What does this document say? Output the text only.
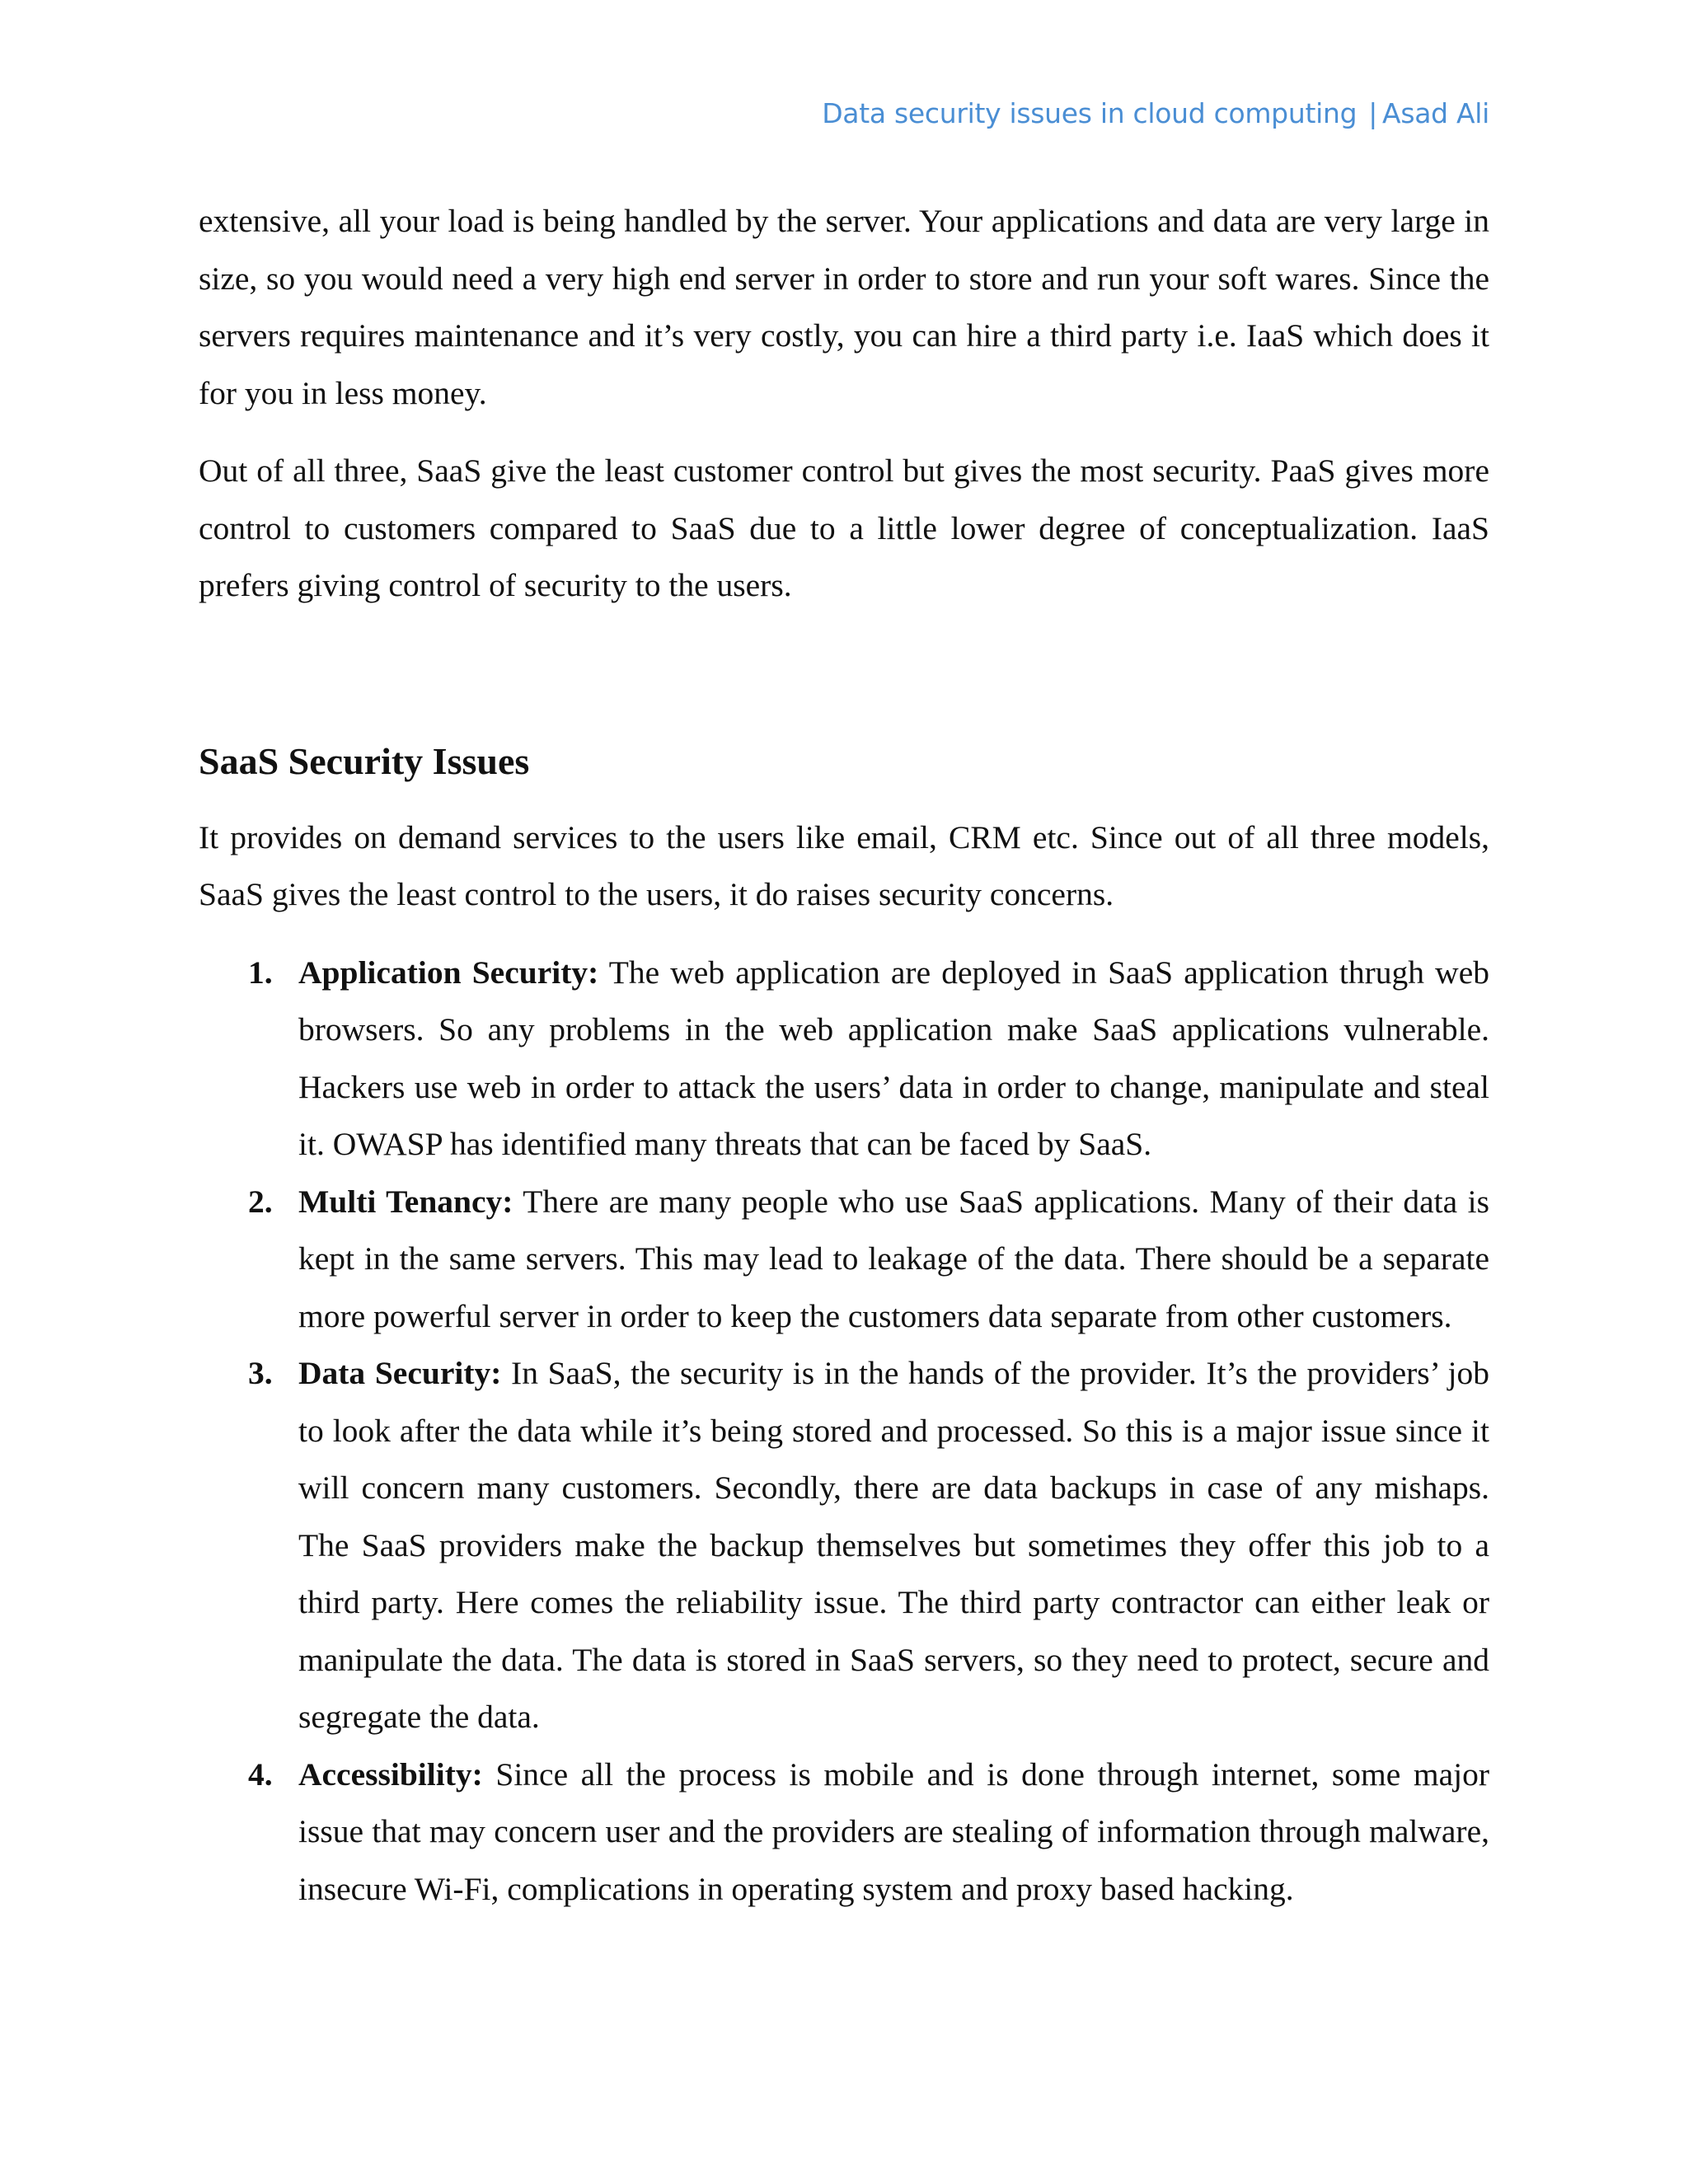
Data security issues in cloud computing | Asad Ali

extensive, all your load is being handled by the server. Your applications and data are very large in size, so you would need a very high end server in order to store and run your soft wares. Since the servers requires maintenance and it’s very costly, you can hire a third party i.e. IaaS which does it for you in less money.

Out of all three, SaaS give the least customer control but gives the most security. PaaS gives more control to customers compared to SaaS due to a little lower degree of conceptualization. IaaS prefers giving control of security to the users.

SaaS Security Issues

It provides on demand services to the users like email, CRM etc. Since out of all three models, SaaS gives the least control to the users, it do raises security concerns.

1. Application Security: The web application are deployed in SaaS application thrugh web browsers. So any problems in the web application make SaaS applications vulnerable. Hackers use web in order to attack the users’ data in order to change, manipulate and steal it. OWASP has identified many threats that can be faced by SaaS.
2. Multi Tenancy: There are many people who use SaaS applications. Many of their data is kept in the same servers. This may lead to leakage of the data. There should be a separate more powerful server in order to keep the customers data separate from other customers.
3. Data Security: In SaaS, the security is in the hands of the provider. It’s the providers’ job to look after the data while it’s being stored and processed. So this is a major issue since it will concern many customers. Secondly, there are data backups in case of any mishaps. The SaaS providers make the backup themselves but sometimes they offer this job to a third party. Here comes the reliability issue. The third party contractor can either leak or manipulate the data. The data is stored in SaaS servers, so they need to protect, secure and segregate the data.
4. Accessibility: Since all the process is mobile and is done through internet, some major issue that may concern user and the providers are stealing of information through malware, insecure Wi-Fi, complications in operating system and proxy based hacking.
